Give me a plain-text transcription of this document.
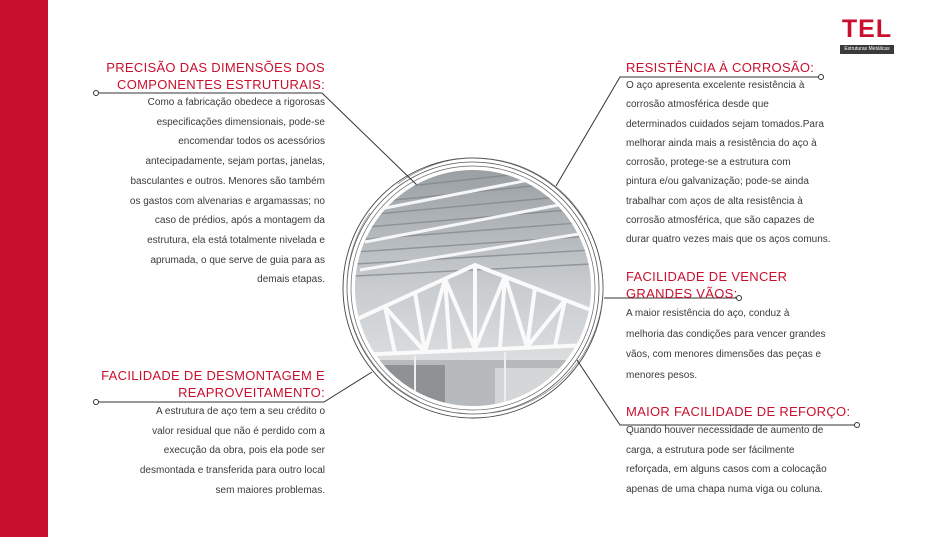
TEL
Estruturas Metálicas
PRECISÃO DAS DIMENSÕES DOS
COMPONENTES ESTRUTURAIS:
Como a fabricação obedece a rigorosas
especificações dimensionais, pode-se
encomendar todos os acessórios
antecipadamente, sejam portas, janelas,
basculantes e outros. Menores são também
os gastos com alvenarias e argamassas; no
caso de prédios, após a montagem da
estrutura, ela está totalmente nivelada e
aprumada, o que serve de guia para as
demais etapas.
FACILIDADE DE DESMONTAGEM E
REAPROVEITAMENTO:
A estrutura de aço tem a seu crédito o
valor residual que não é perdido com a
execução da obra, pois ela pode ser
desmontada e transferida para outro local
sem maiores problemas.
RESISTÊNCIA À CORROSÃO:
O aço apresenta excelente resistência à
corrosão atmosférica desde que
determinados cuidados sejam tomados.Para
melhorar ainda mais a resistência do aço à
corrosão, protege-se a estrutura com
pintura e/ou galvanização; pode-se ainda
trabalhar com aços de alta resistência à
corrosão atmosférica, que são capazes de
durar quatro vezes mais que os aços comuns.
FACILIDADE DE VENCER
GRANDES VÃOS:
A maior resistência do aço, conduz à
melhoria das condições para vencer grandes
vãos, com menores dimensões das peças e
menores pesos.
MAIOR FACILIDADE DE REFORÇO:
Quando houver necessidade de aumento de
carga, a estrutura pode ser fácilmente
reforçada, em alguns casos com a colocação
apenas de uma chapa numa viga ou coluna.
